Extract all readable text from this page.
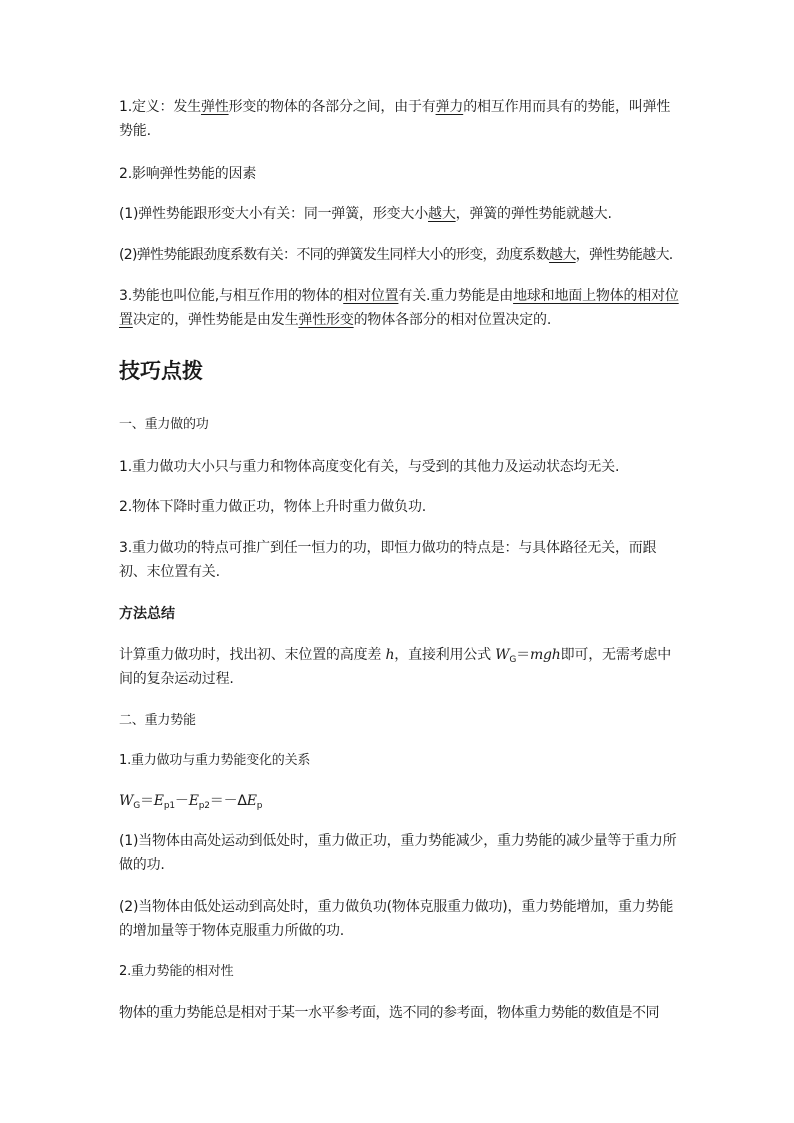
1.定义：发生弹性形变的物体的各部分之间，由于有弹力的相互作用而具有的势能，叫弹性势能.

2.影响弹性势能的因素

(1)弹性势能跟形变大小有关：同一弹簧，形变大小越大，弹簧的弹性势能就越大.

(2)弹性势能跟劲度系数有关：不同的弹簧发生同样大小的形变，劲度系数越大，弹性势能越大.

3.势能也叫位能,与相互作用的物体的相对位置有关.重力势能是由地球和地面上物体的相对位置决定的，弹性势能是由发生弹性形变的物体各部分的相对位置决定的.

技巧点拨

一、重力做的功

1.重力做功大小只与重力和物体高度变化有关，与受到的其他力及运动状态均无关.

2.物体下降时重力做正功，物体上升时重力做负功.

3.重力做功的特点可推广到任一恒力的功，即恒力做功的特点是：与具体路径无关，而跟初、末位置有关.

方法总结

计算重力做功时，找出初、末位置的高度差 h，直接利用公式 $W_G=mgh$即可，无需考虑中间的复杂运动过程.

二、重力势能

1.重力做功与重力势能变化的关系

$W_G=E_{p1}-E_{p2}=-\Delta E_p$

(1)当物体由高处运动到低处时，重力做正功，重力势能减少，重力势能的减少量等于重力所做的功.

(2)当物体由低处运动到高处时，重力做负功(物体克服重力做功)，重力势能增加，重力势能的增加量等于物体克服重力所做的功.

2.重力势能的相对性

物体的重力势能总是相对于某一水平参考面，选不同的参考面，物体重力势能的数值是不同
